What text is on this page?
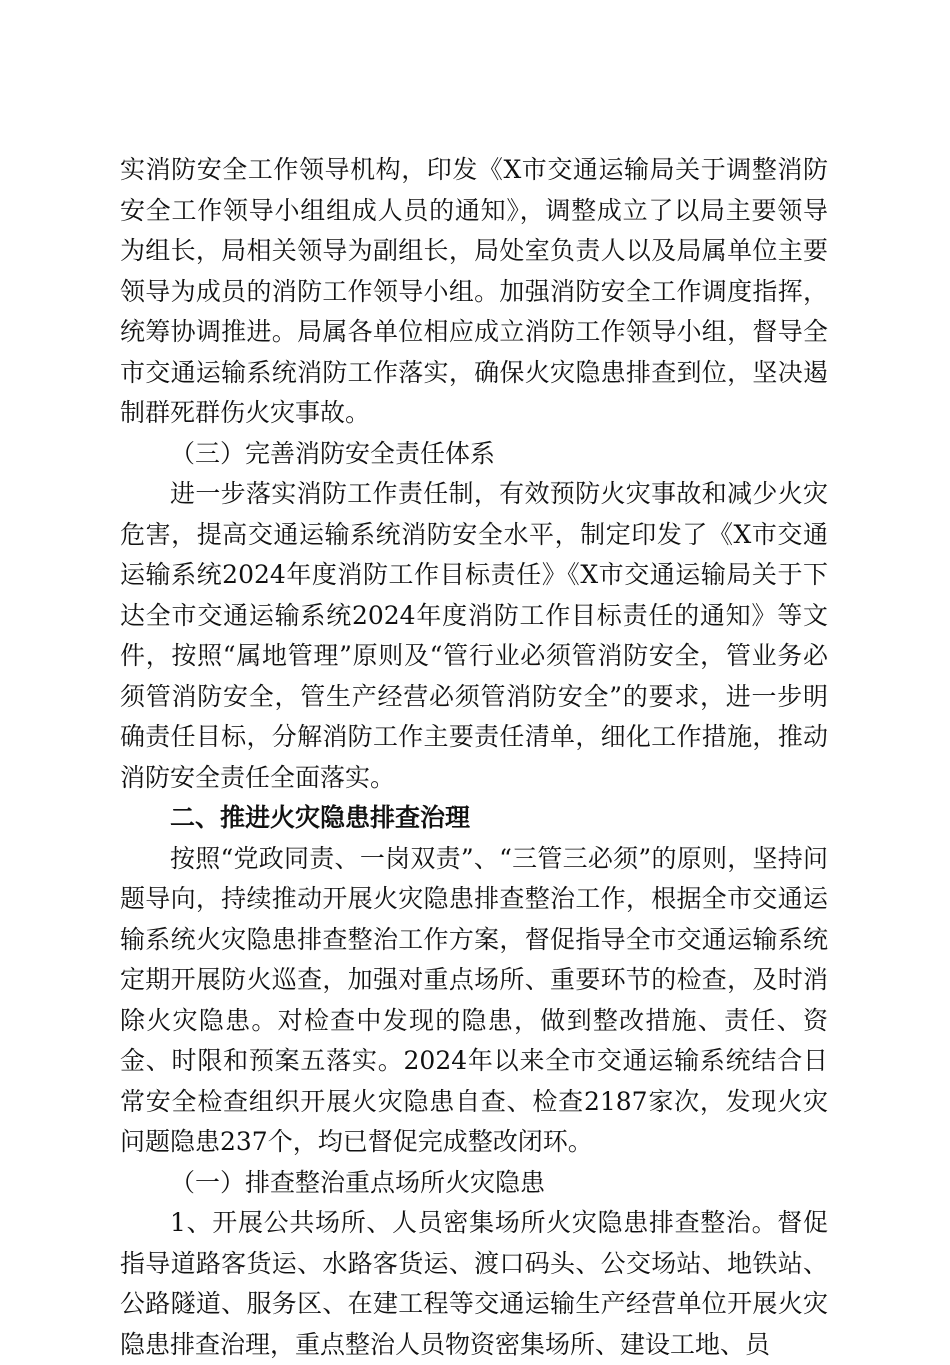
实消防安全工作领导机构，印发《X市交通运输局关于调整消防安全工作领导小组组成人员的通知》，调整成立了以局主要领导为组长，局相关领导为副组长，局处室负责人以及局属单位主要领导为成员的消防工作领导小组。加强消防安全工作调度指挥，统筹协调推进。局属各单位相应成立消防工作领导小组，督导全市交通运输系统消防工作落实，确保火灾隐患排查到位，坚决遏制群死群伤火灾事故。

（三）完善消防安全责任体系

进一步落实消防工作责任制，有效预防火灾事故和减少火灾危害，提高交通运输系统消防安全水平，制定印发了《X市交通运输系统2024年度消防工作目标责任》《X市交通运输局关于下达全市交通运输系统2024年度消防工作目标责任的通知》等文件，按照“属地管理”原则及“管行业必须管消防安全，管业务必须管消防安全，管生产经营必须管消防安全”的要求，进一步明确责任目标，分解消防工作主要责任清单，细化工作措施，推动消防安全责任全面落实。

二、推进火灾隐患排查治理

按照“党政同责、一岗双责”、“三管三必须”的原则，坚持问题导向，持续推动开展火灾隐患排查整治工作，根据全市交通运输系统火灾隐患排查整治工作方案，督促指导全市交通运输系统定期开展防火巡查，加强对重点场所、重要环节的检查，及时消除火灾隐患。对检查中发现的隐患，做到整改措施、责任、资金、时限和预案五落实。2024年以来全市交通运输系统结合日常安全检查组织开展火灾隐患自查、检查2187家次，发现火灾问题隐患237个，均已督促完成整改闭环。

（一）排查整治重点场所火灾隐患

1、开展公共场所、人员密集场所火灾隐患排查整治。督促指导道路客货运、水路客货运、渡口码头、公交场站、地铁站、公路隧道、服务区、在建工程等交通运输生产经营单位开展火灾隐患排查治理，重点整治人员物资密集场所、建设工地、员
